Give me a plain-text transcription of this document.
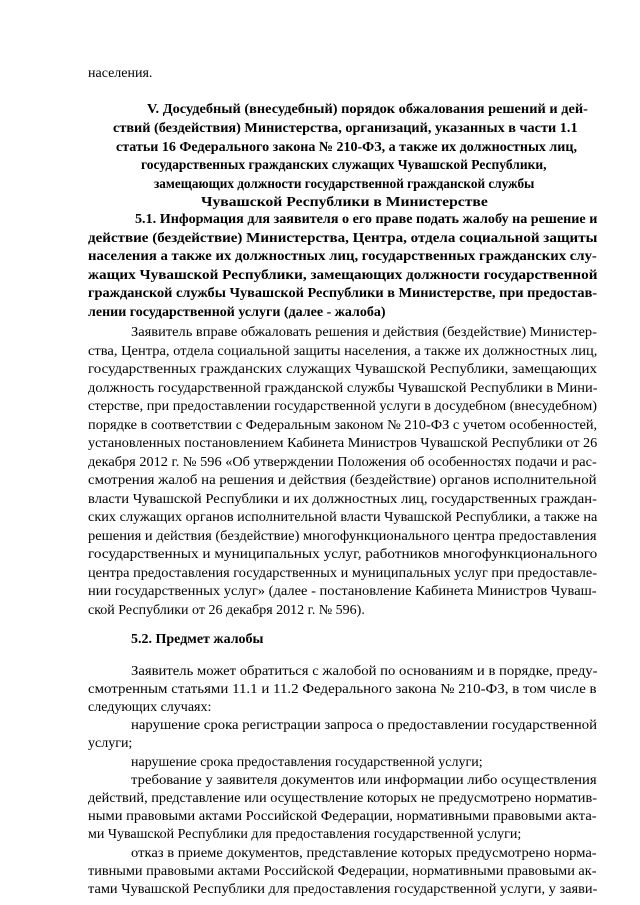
населения.
V. Досудебный (внесудебный) порядок обжалования решений и дей-
ствий (бездействия) Министерства, организаций, указанных в части 1.1
статьи 16 Федерального закона № 210-ФЗ, а также их должностных лиц,
государственных гражданских служащих Чувашской Республики,
замещающих должности государственной гражданской службы
Чувашской Республики в Министерстве
5.1. Информация для заявителя о его праве подать жалобу на решение и
действие (бездействие) Министерства, Центра, отдела социальной защиты
населения а также их должностных лиц, государственных гражданских слу-
жащих Чувашской Республики, замещающих должности государственной
гражданской службы Чувашской Республики в Министерстве, при предостав-
лении государственной услуги (далее - жалоба)
Заявитель вправе обжаловать решения и действия (бездействие) Министер-
ства, Центра, отдела социальной защиты населения, а также их должностных лиц,
государственных гражданских служащих Чувашской Республики, замещающих
должность государственной гражданской службы Чувашской Республики в Мини-
стерстве, при предоставлении государственной услуги в досудебном (внесудебном)
порядке в соответствии с Федеральным законом № 210-ФЗ с учетом особенностей,
установленных постановлением Кабинета Министров Чувашской Республики от 26
декабря 2012 г. № 596 «Об утверждении Положения об особенностях подачи и рас-
смотрения жалоб на решения и действия (бездействие) органов исполнительной
власти Чувашской Республики и их должностных лиц, государственных граждан-
ских служащих органов исполнительной власти Чувашской Республики, а также на
решения и действия (бездействие) многофункционального центра предоставления
государственных и муниципальных услуг, работников многофункционального
центра предоставления государственных и муниципальных услуг при предоставле-
нии государственных услуг» (далее - постановление Кабинета Министров Чуваш-
ской Республики от 26 декабря 2012 г. № 596).
5.2. Предмет жалобы
Заявитель может обратиться с жалобой по основаниям и в порядке, преду-
смотренным статьями 11.1 и 11.2 Федерального закона № 210-ФЗ, в том числе в
следующих случаях:
нарушение срока регистрации запроса о предоставлении государственной
услуги;
нарушение срока предоставления государственной услуги;
требование у заявителя документов или информации либо осуществления
действий, представление или осуществление которых не предусмотрено норматив-
ными правовыми актами Российской Федерации, нормативными правовыми акта-
ми Чувашской Республики для предоставления государственной услуги;
отказ в приеме документов, представление которых предусмотрено норма-
тивными правовыми актами Российской Федерации, нормативными правовыми ак-
тами Чувашской Республики для предоставления государственной услуги, у заяви-
